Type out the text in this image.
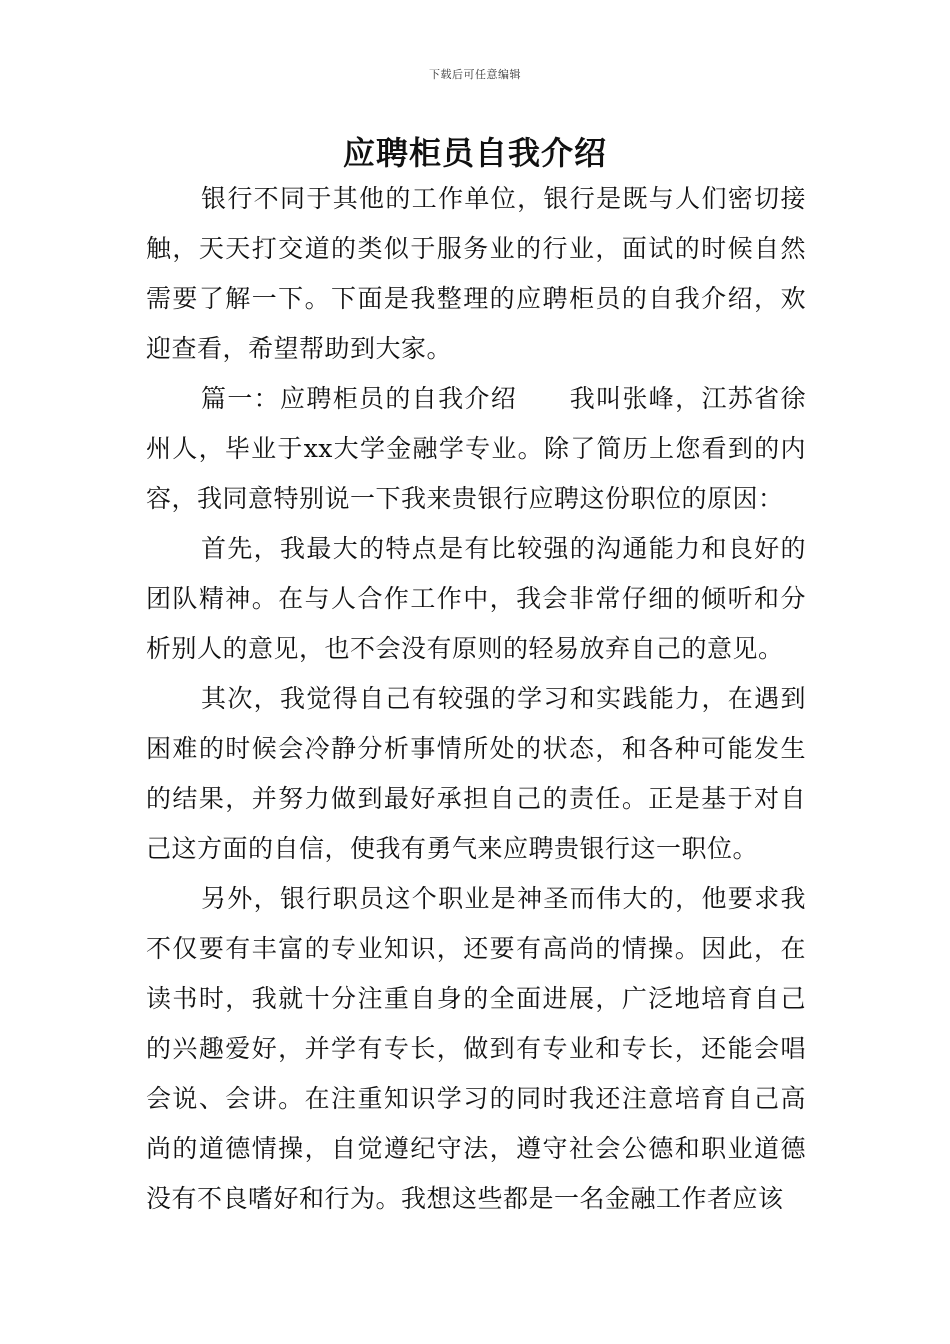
下载后可任意编辑
应聘柜员自我介绍

银行不同于其他的工作单位，银行是既与人们密切接触，天天打交道的类似于服务业的行业，面试的时候自然需要了解一下。下面是我整理的应聘柜员的自我介绍，欢迎查看，希望帮助到大家。

篇一：应聘柜员的自我介绍　　我叫张峰，江苏省徐州人，毕业于xx大学金融学专业。除了简历上您看到的内容，我同意特别说一下我来贵银行应聘这份职位的原因：

首先，我最大的特点是有比较强的沟通能力和良好的团队精神。在与人合作工作中，我会非常仔细的倾听和分析别人的意见，也不会没有原则的轻易放弃自己的意见。

其次，我觉得自己有较强的学习和实践能力，在遇到困难的时候会冷静分析事情所处的状态，和各种可能发生的结果，并努力做到最好承担自己的责任。正是基于对自己这方面的自信，使我有勇气来应聘贵银行这一职位。

另外，银行职员这个职业是神圣而伟大的，他要求我不仅要有丰富的专业知识，还要有高尚的情操。因此，在读书时，我就十分注重自身的全面进展，广泛地培育自己的兴趣爱好，并学有专长，做到有专业和专长，还能会唱会说、会讲。在注重知识学习的同时我还注意培育自己高尚的道德情操，自觉遵纪守法，遵守社会公德和职业道德没有不良嗜好和行为。我想这些都是一名金融工作者应该
